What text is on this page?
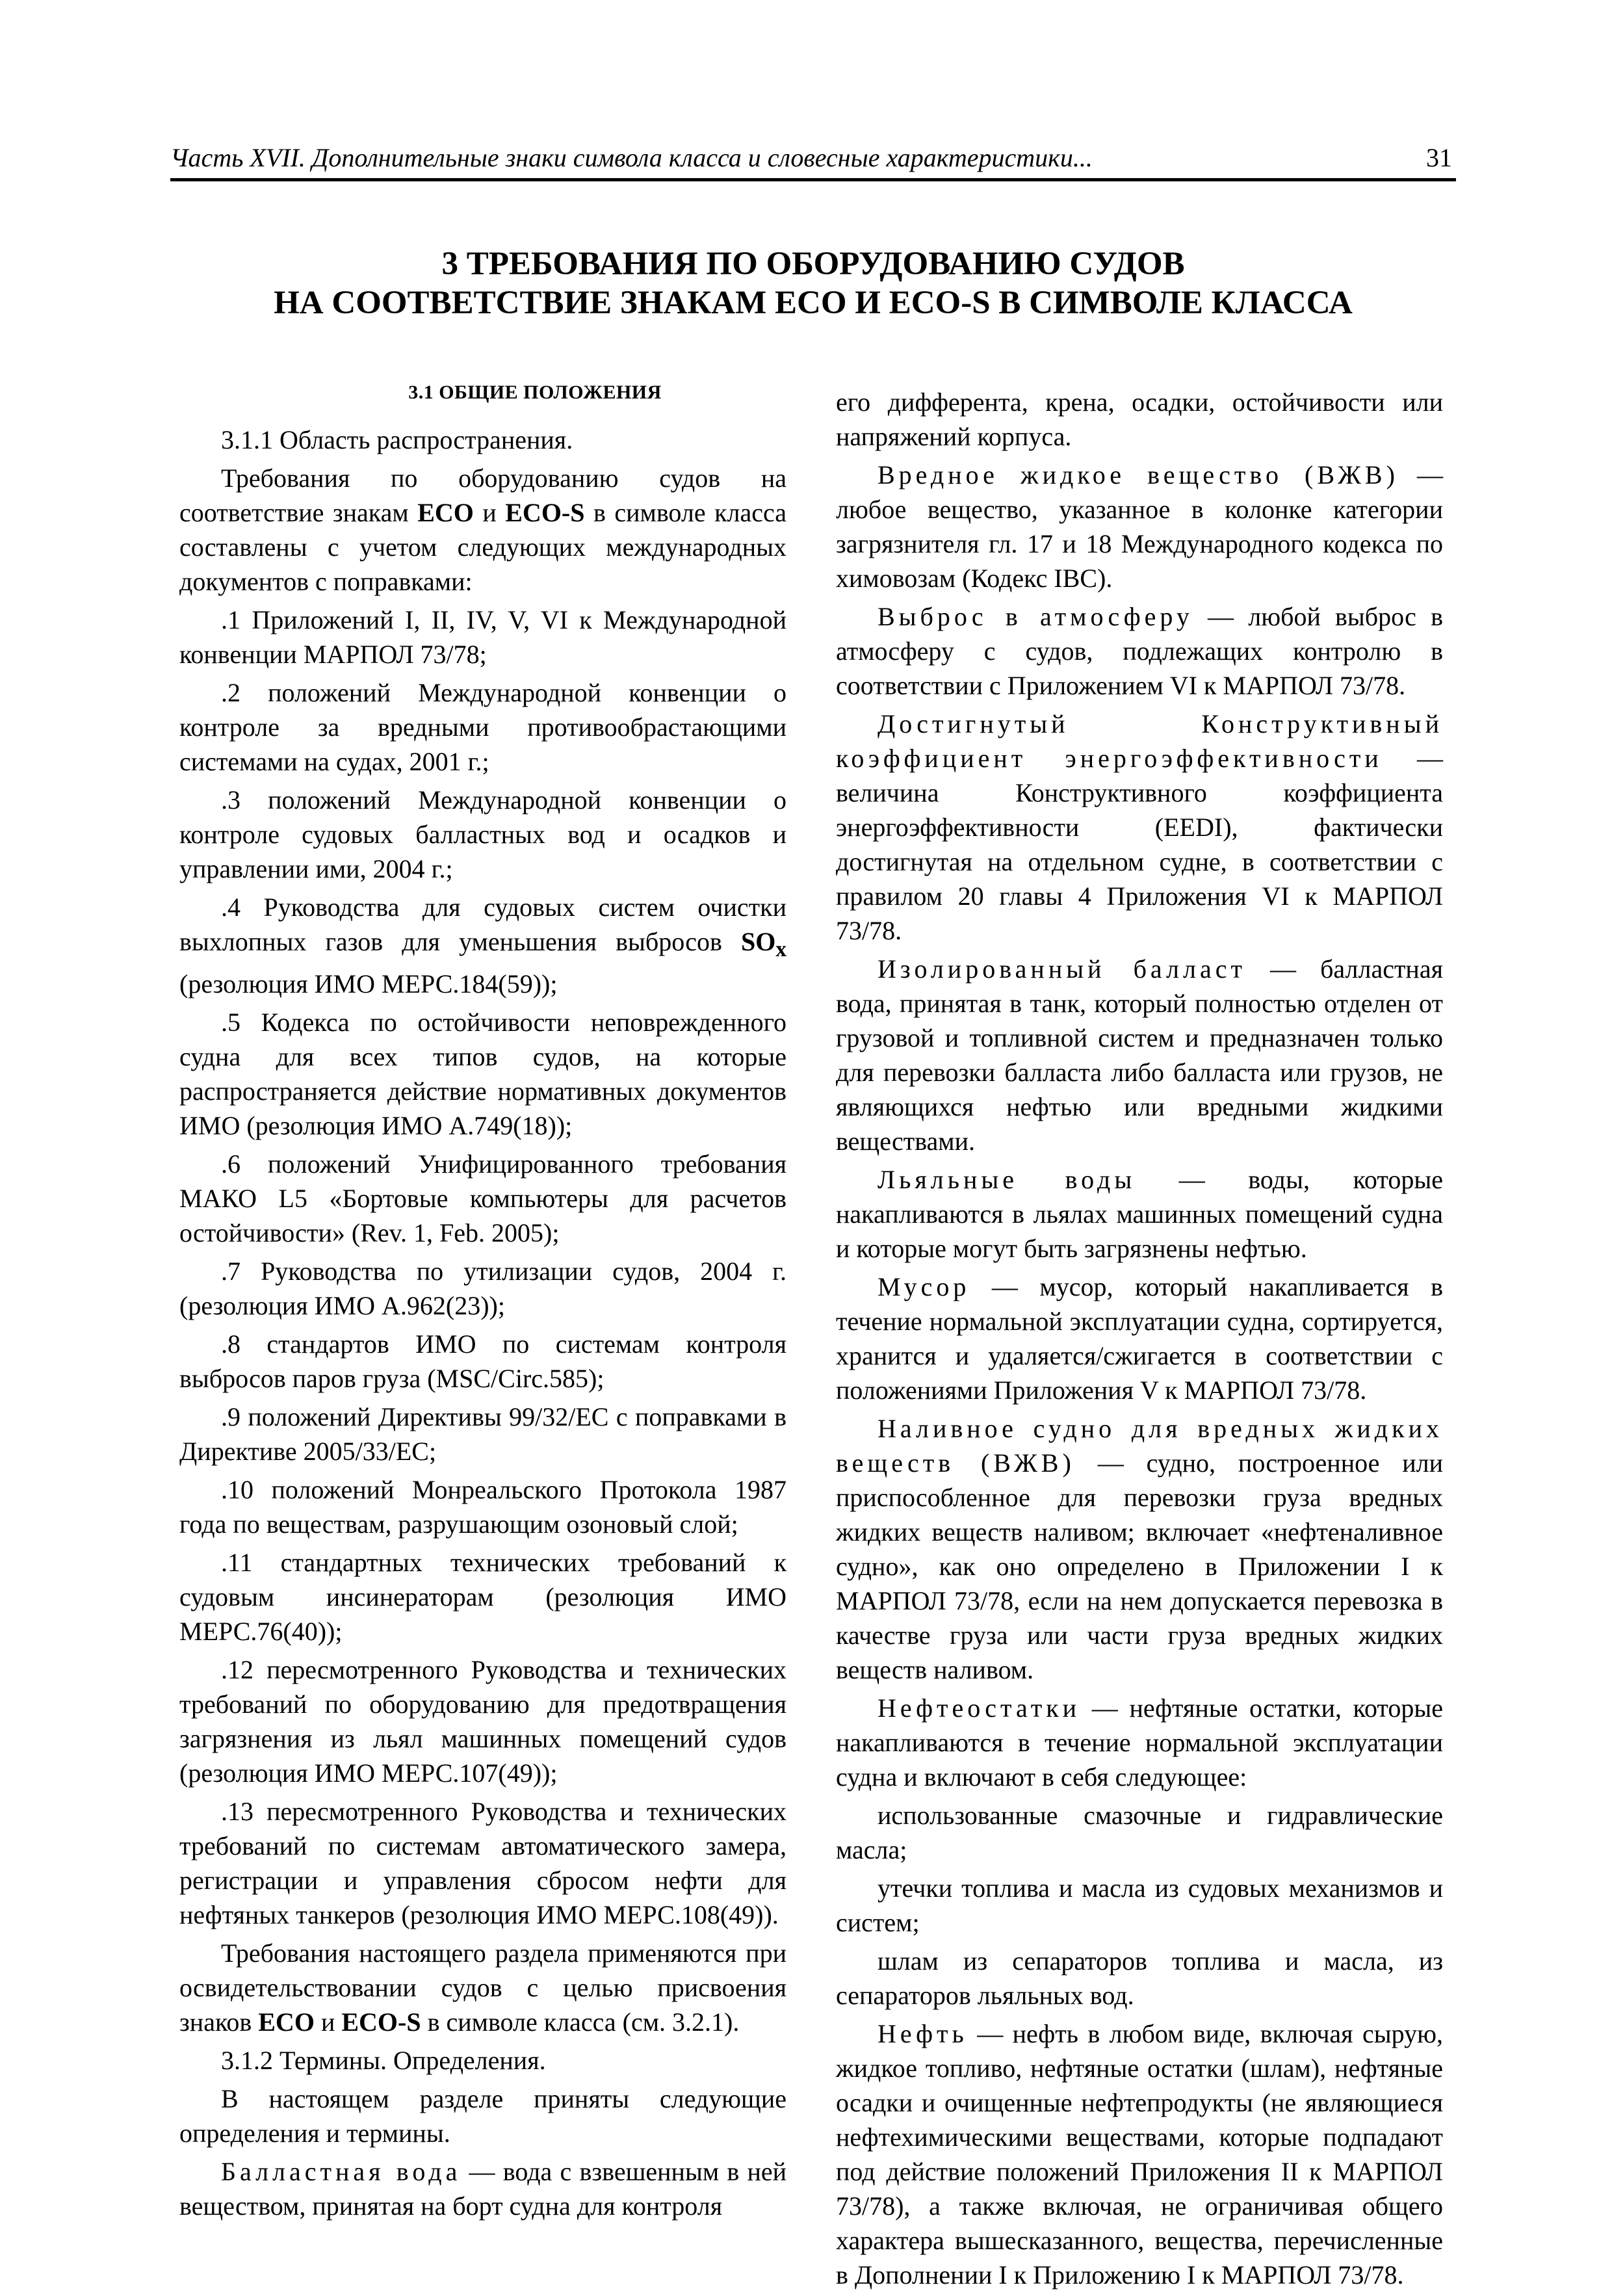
Часть XVII. Дополнительные знаки символа класса и словесные характеристики...	31
3 ТРЕБОВАНИЯ ПО ОБОРУДОВАНИЮ СУДОВ
НА СООТВЕТСТВИЕ ЗНАКАМ ECO И ECO-S В СИМВОЛЕ КЛАССА
3.1 ОБЩИЕ ПОЛОЖЕНИЯ

3.1.1 Область распространения.

Требования по оборудованию судов на соответствие знакам ECO и ECO-S в символе класса составлены с учетом следующих международных документов с поправками:

.1 Приложений I, II, IV, V, VI к Международной конвенции МАРПОЛ 73/78;

.2 положений Международной конвенции о контроле за вредными противообрастающими системами на судах, 2001 г.;

.3 положений Международной конвенции о контроле судовых балластных вод и осадков и управлении ими, 2004 г.;

.4 Руководства для судовых систем очистки выхлопных газов для уменьшения выбросов $SO_x$ (резолюция ИМО МЕРС.184(59));

.5 Кодекса по остойчивости неповрежденного судна для всех типов судов, на которые распространяется действие нормативных документов ИМО (резолюция ИМО А.749(18));

.6 положений Унифицированного требования МАКО L5 «Бортовые компьютеры для расчетов остойчивости» (Rev. 1, Feb. 2005);

.7 Руководства по утилизации судов, 2004 г. (резолюция ИМО А.962(23));

.8 стандартов ИМО по системам контроля выбросов паров груза (MSC/Circ.585);

.9 положений Директивы 99/32/ЕС с поправками в Директиве 2005/33/ЕС;

.10 положений Монреальского Протокола 1987 года по веществам, разрушающим озоновый слой;

.11 стандартных технических требований к судовым инсинераторам (резолюция ИМО МЕРС.76(40));

.12 пересмотренного Руководства и технических требований по оборудованию для предотвращения загрязнения из льял машинных помещений судов (резолюция ИМО МЕРС.107(49));

.13 пересмотренного Руководства и технических требований по системам автоматического замера, регистрации и управления сбросом нефти для нефтяных танкеров (резолюция ИМО МЕРС.108(49)).

Требования настоящего раздела применяются при освидетельствовании судов с целью присвоения знаков ECO и ECO-S в символе класса (см. 3.2.1).

3.1.2 Термины. Определения.

В настоящем разделе приняты следующие определения и термины.

Балластная вода — вода с взвешенным в ней веществом, принятая на борт судна для контроля

его дифферента, крена, осадки, остойчивости или напряжений корпуса.

Вредное жидкое вещество (ВЖВ) — любое вещество, указанное в колонке категории загрязнителя гл. 17 и 18 Международного кодекса по химовозам (Кодекс IBC).

Выброс в атмосферу — любой выброс в атмосферу с судов, подлежащих контролю в соответствии с Приложением VI к МАРПОЛ 73/78.

Достигнутый Конструктивный коэффициент энергоэффективности — величина Конструктивного коэффициента энергоэффективности (EEDI), фактически достигнутая на отдельном судне, в соответствии с правилом 20 главы 4 Приложения VI к МАРПОЛ 73/78.

Изолированный балласт — балластная вода, принятая в танк, который полностью отделен от грузовой и топливной систем и предназначен только для перевозки балласта либо балласта или грузов, не являющихся нефтью или вредными жидкими веществами.

Льяльные воды — воды, которые накапливаются в льялах машинных помещений судна и которые могут быть загрязнены нефтью.

Мусор — мусор, который накапливается в течение нормальной эксплуатации судна, сортируется, хранится и удаляется/сжигается в соответствии с положениями Приложения V к МАРПОЛ 73/78.

Наливное судно для вредных жидких веществ (ВЖВ) — судно, построенное или приспособленное для перевозки груза вредных жидких веществ наливом; включает «нефтеналивное судно», как оно определено в Приложении I к МАРПОЛ 73/78, если на нем допускается перевозка в качестве груза или части груза вредных жидких веществ наливом.

Нефтеостатки — нефтяные остатки, которые накапливаются в течение нормальной эксплуатации судна и включают в себя следующее:

использованные смазочные и гидравлические масла;

утечки топлива и масла из судовых механизмов и систем;

шлам из сепараторов топлива и масла, из сепараторов льяльных вод.

Нефть — нефть в любом виде, включая сырую, жидкое топливо, нефтяные остатки (шлам), нефтяные осадки и очищенные нефтепродукты (не являющиеся нефтехимическими веществами, которые подпадают под действие положений Приложения II к МАРПОЛ 73/78), а также включая, не ограничивая общего характера вышесказанного, вещества, перечисленные в Дополнении I к Приложению I к МАРПОЛ 73/78.
